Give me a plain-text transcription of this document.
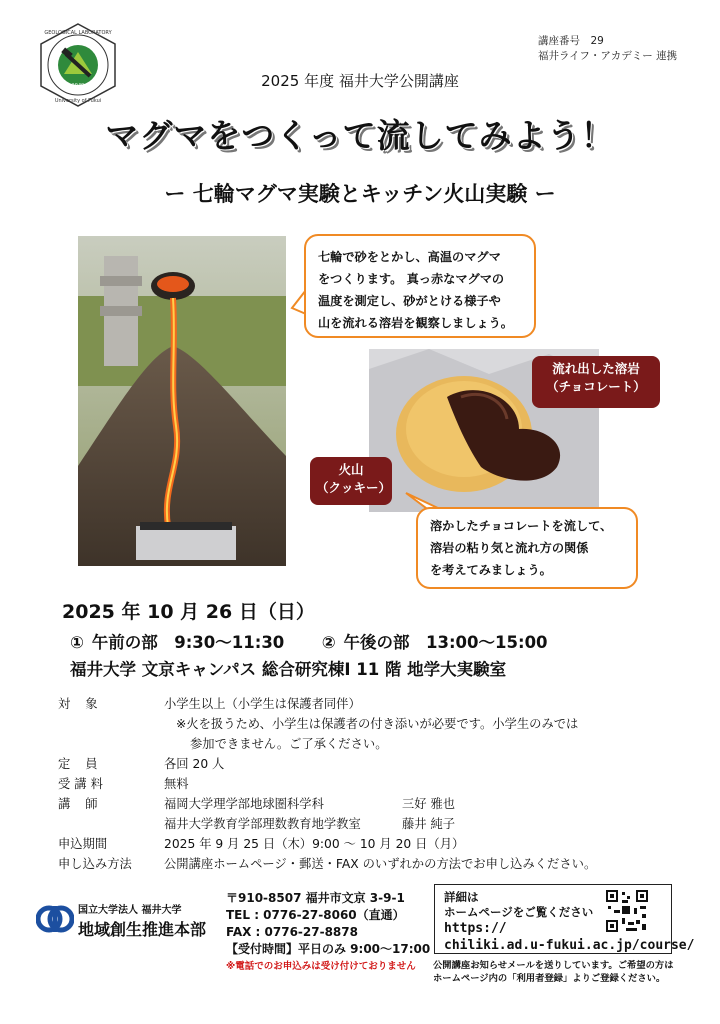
GEOLOGICAL LABORATORY
University of Fukui
1949
講座番号　29
福井ライフ・アカデミー 連携
2025 年度 福井大学公開講座
マグマをつくって流してみよう！
ー 七輪マグマ実験とキッチン火山実験 ー
七輪で砂をとかし、高温のマグマ
をつくります。 真っ赤なマグマの
温度を測定し、砂がとける様子や
山を流れる溶岩を観察しましょう。
溶かしたチョコレートを流して、
溶岩の粘り気と流れ方の関係
を考えてみましょう。
火山
（クッキー）
流れ出した溶岩
（チョコレート）
2025 年 10 月 26 日（日）
① 午前の部　9:30～11:30 ② 午後の部　13:00～15:00
福井大学 文京キャンパス 総合研究棟Ⅰ 11 階 地学大実験室
対象	小学生以上（小学生は保護者同伴）
※火を扱うため、小学生は保護者の付き添いが必要です。小学生のみでは
参加できません。ご了承ください。
定員	各回 20 人
受講料	無料
講師	福岡大学理学部地球圏科学科	三好 雅也
福井大学教育学部理数教育地学教室	藤井 純子
申込期間	2025 年 9 月 25 日（木）9:00 ～ 10 月 20 日（月）
申し込み方法	公開講座ホームページ・郵送・FAX のいずれかの方法でお申し込みください。
国立大学法人 福井大学
地域創生推進本部
〒910-8507 福井市文京 3-9-1
TEL : 0776-27-8060（直通）
FAX : 0776-27-8878
【受付時間】平日のみ 9:00～17:00
※電話でのお申込みは受け付けておりません
詳細は
ホームページをご覧ください
https://
chiliki.ad.u-fukui.ac.jp/course/
公開講座お知らせメールを送りしています。ご希望の方は
ホームページ内の「利用者登録」よりご登録ください。
